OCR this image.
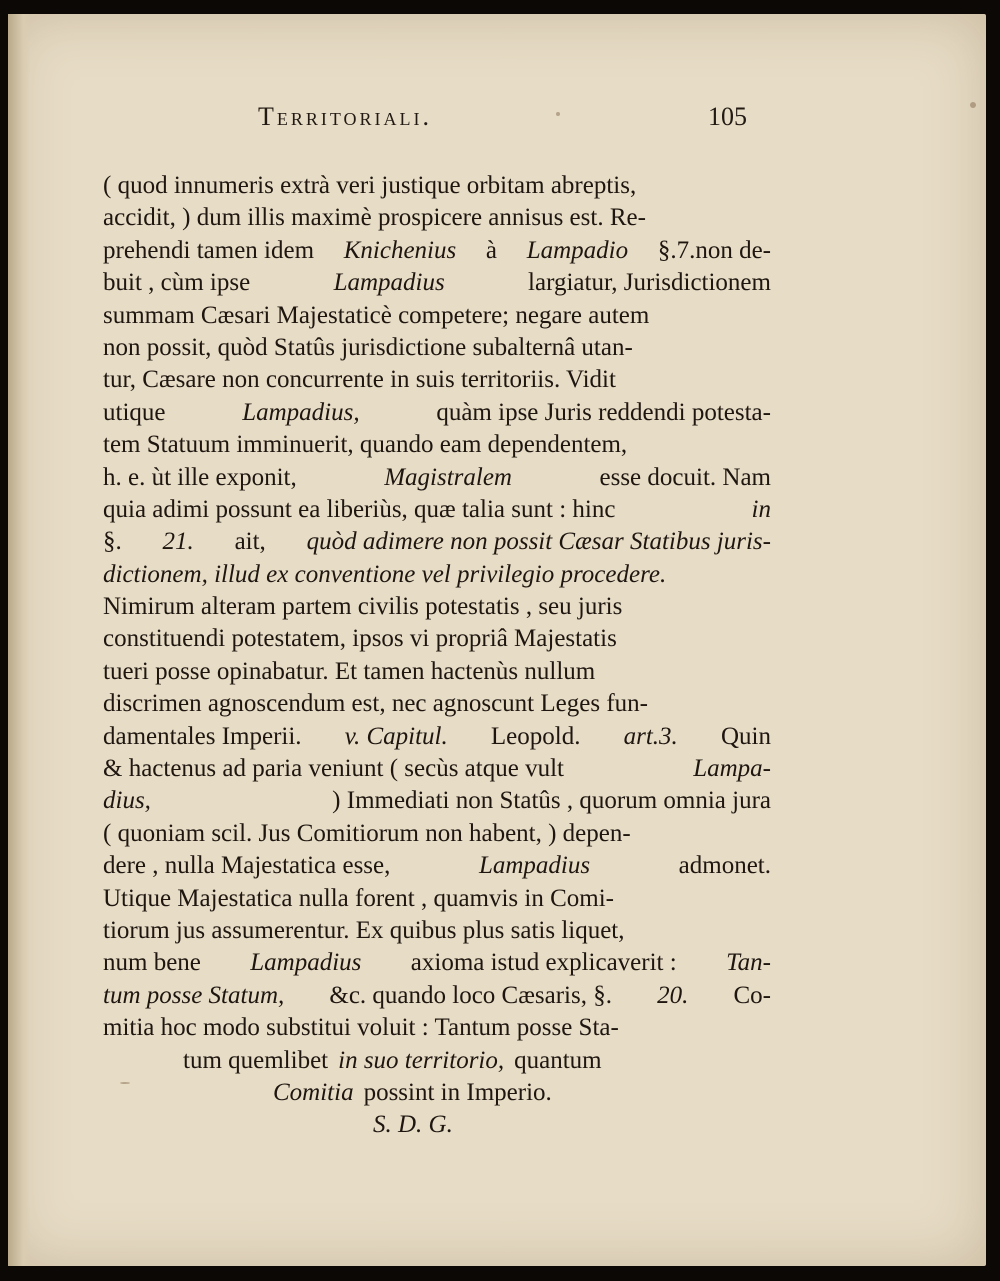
Territoriali.	105
( quod innumeris extrà veri justique orbitam abreptis,
accidit, ) dum illis maximè prospicere annisus est. Re-
prehendi tamen idem Knichenius à Lampadio §.7.non de-
buit , cùm ipse	Lampadius	largiatur, Jurisdictionem
summam Cæsari Majestaticè competere; negare autem
non possit, quòd Statûs jurisdictione subalternâ utan-
tur, Cæsare non concurrente in suis territoriis. Vidit
utique	Lampadius,	quàm ipse Juris reddendi potesta-
tem Statuum imminuerit, quando eam dependentem,
h. e. ùt ille exponit,	Magistralem	esse docuit. Nam
quia adimi possunt ea liberiùs, quæ talia sunt : hinc	in
§. 21. ait, quòd adimere non possit Cæsar Statibus juris-
dictionem, illud ex conventione vel privilegio procedere.
Nimirum alteram partem civilis potestatis , seu juris
constituendi potestatem, ipsos vi propriâ Majestatis
tueri posse opinabatur. Et tamen hactenùs nullum
discrimen agnoscendum est, nec agnoscunt Leges fun-
damentales Imperii. v. Capitul. Leopold. art.3. Quin
& hactenus ad paria veniunt ( secùs atque vult	Lampa-
dius,	) Immediati non Statûs , quorum omnia jura
( quoniam scil. Jus Comitiorum non habent, ) depen-
dere , nulla Majestatica esse,	Lampadius	admonet.
Utique Majestatica nulla forent , quamvis in Comi-
tiorum jus assumerentur. Ex quibus plus satis liquet,
num bene Lampadius axioma istud explicaverit : Tan-
tum posse Statum, &c. quando loco Cæsaris, §. 20. Co-
mitia hoc modo substitui voluit : Tantum posse Sta-
tum quemlibet in suo territorio, quantum
Comitia possint in Imperio.
S. D. G.
